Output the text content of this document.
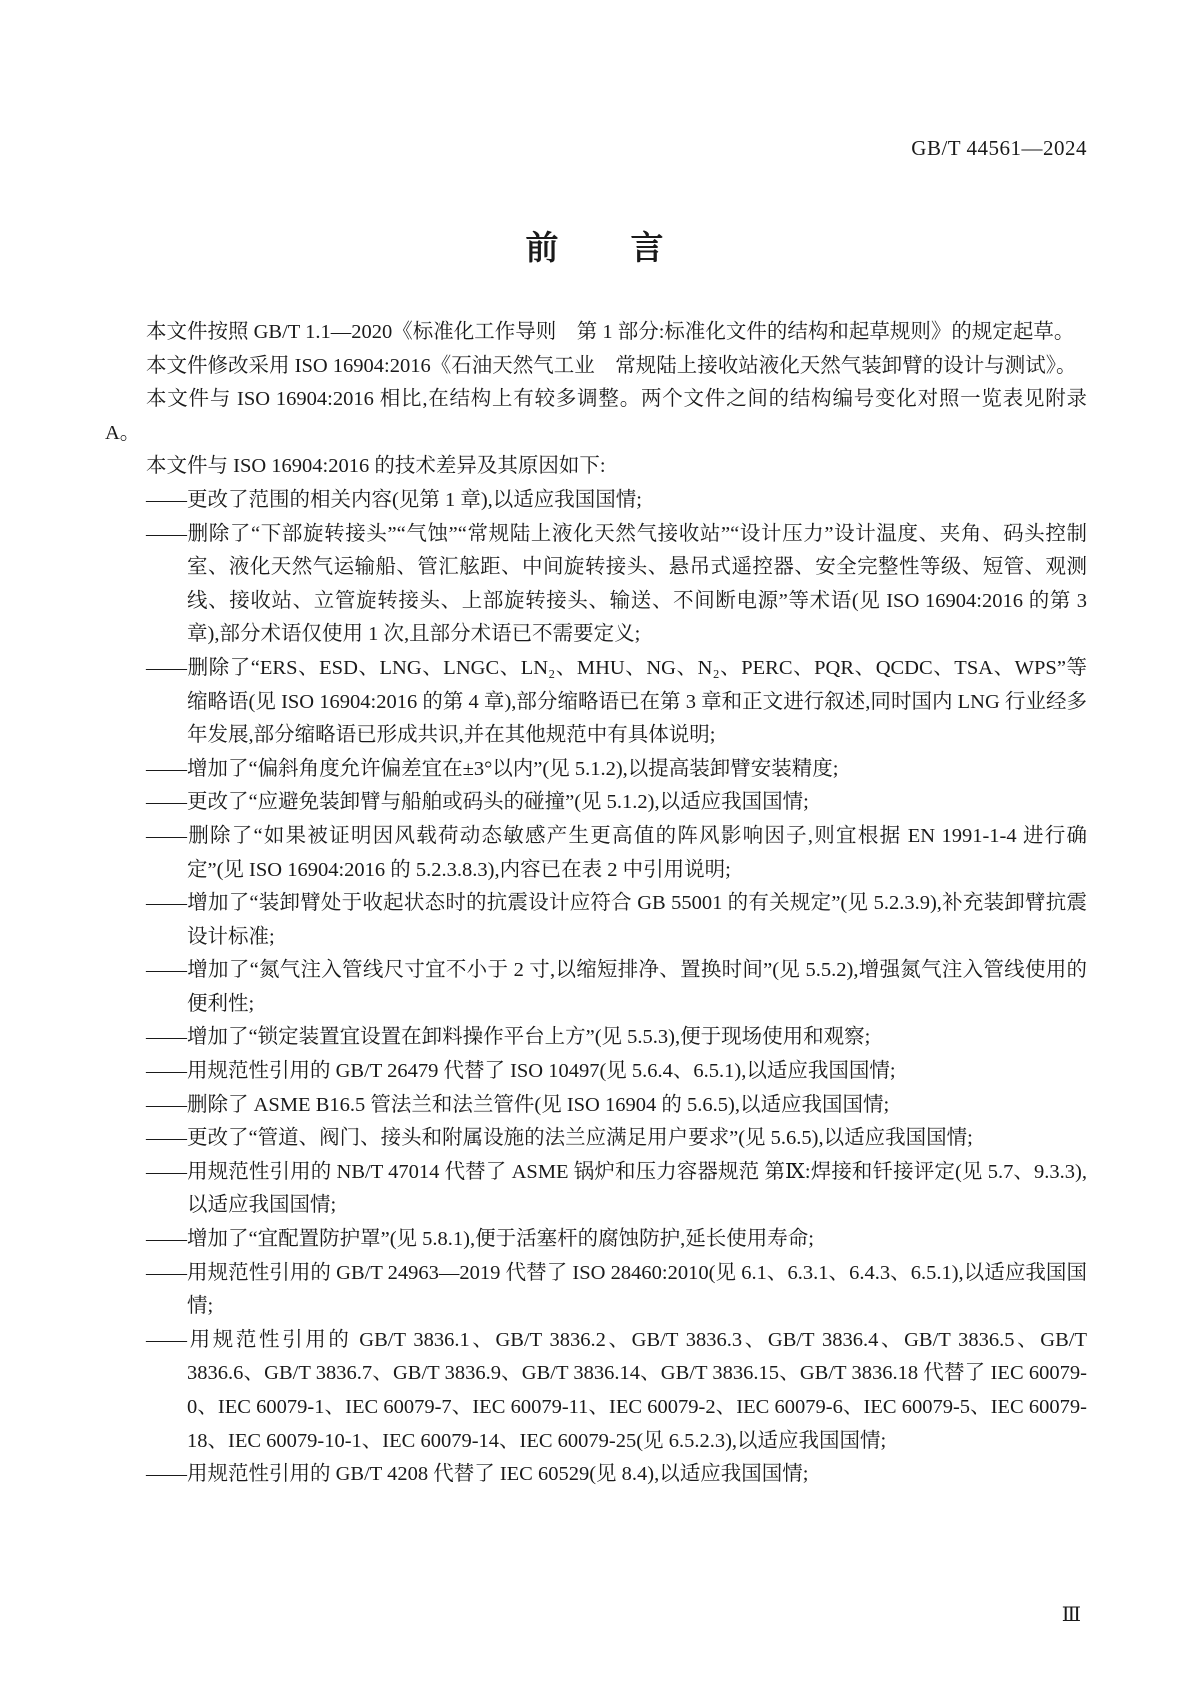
GB/T 44561—2024
前　　言

本文件按照 GB/T 1.1—2020《标准化工作导则　第 1 部分:标准化文件的结构和起草规则》的规定起草。

本文件修改采用 ISO 16904:2016《石油天然气工业　常规陆上接收站液化天然气装卸臂的设计与测试》。

本文件与 ISO 16904:2016 相比,在结构上有较多调整。两个文件之间的结构编号变化对照一览表见附录 A。

本文件与 ISO 16904:2016 的技术差异及其原因如下:

——更改了范围的相关内容(见第 1 章),以适应我国国情;

——删除了“下部旋转接头”“气蚀”“常规陆上液化天然气接收站”“设计压力”设计温度、夹角、码头控制室、液化天然气运输船、管汇舷距、中间旋转接头、悬吊式遥控器、安全完整性等级、短管、观测线、接收站、立管旋转接头、上部旋转接头、输送、不间断电源”等术语(见 ISO 16904:2016 的第 3 章),部分术语仅使用 1 次,且部分术语已不需要定义;

——删除了“ERS、ESD、LNG、LNGC、LN₂、MHU、NG、N₂、PERC、PQR、QCDC、TSA、WPS”等缩略语(见 ISO 16904:2016 的第 4 章),部分缩略语已在第 3 章和正文进行叙述,同时国内 LNG 行业经多年发展,部分缩略语已形成共识,并在其他规范中有具体说明;

——增加了“偏斜角度允许偏差宜在±3°以内”(见 5.1.2),以提高装卸臂安装精度;

——更改了“应避免装卸臂与船舶或码头的碰撞”(见 5.1.2),以适应我国国情;

——删除了“如果被证明因风载荷动态敏感产生更高值的阵风影响因子,则宜根据 EN 1991-1-4 进行确定”(见 ISO 16904:2016 的 5.2.3.8.3),内容已在表 2 中引用说明;

——增加了“装卸臂处于收起状态时的抗震设计应符合 GB 55001 的有关规定”(见 5.2.3.9),补充装卸臂抗震设计标准;

——增加了“氮气注入管线尺寸宜不小于 2 寸,以缩短排净、置换时间”(见 5.5.2),增强氮气注入管线使用的便利性;

——增加了“锁定装置宜设置在卸料操作平台上方”(见 5.5.3),便于现场使用和观察;

——用规范性引用的 GB/T 26479 代替了 ISO 10497(见 5.6.4、6.5.1),以适应我国国情;

——删除了 ASME B16.5 管法兰和法兰管件(见 ISO 16904 的 5.6.5),以适应我国国情;

——更改了“管道、阀门、接头和附属设施的法兰应满足用户要求”(见 5.6.5),以适应我国国情;

——用规范性引用的 NB/T 47014 代替了 ASME 锅炉和压力容器规范 第Ⅸ:焊接和钎接评定(见 5.7、9.3.3),以适应我国国情;

——增加了“宜配置防护罩”(见 5.8.1),便于活塞杆的腐蚀防护,延长使用寿命;

——用规范性引用的 GB/T 24963—2019 代替了 ISO 28460:2010(见 6.1、6.3.1、6.4.3、6.5.1),以适应我国国情;

——用规范性引用的 GB/T 3836.1、GB/T 3836.2、GB/T 3836.3、GB/T 3836.4、GB/T 3836.5、GB/T 3836.6、GB/T 3836.7、GB/T 3836.9、GB/T 3836.14、GB/T 3836.15、GB/T 3836.18 代替了 IEC 60079-0、IEC 60079-1、IEC 60079-7、IEC 60079-11、IEC 60079-2、IEC 60079-6、IEC 60079-5、IEC 60079-18、IEC 60079-10-1、IEC 60079-14、IEC 60079-25(见 6.5.2.3),以适应我国国情;

——用规范性引用的 GB/T 4208 代替了 IEC 60529(见 8.4),以适应我国国情;

Ⅲ
